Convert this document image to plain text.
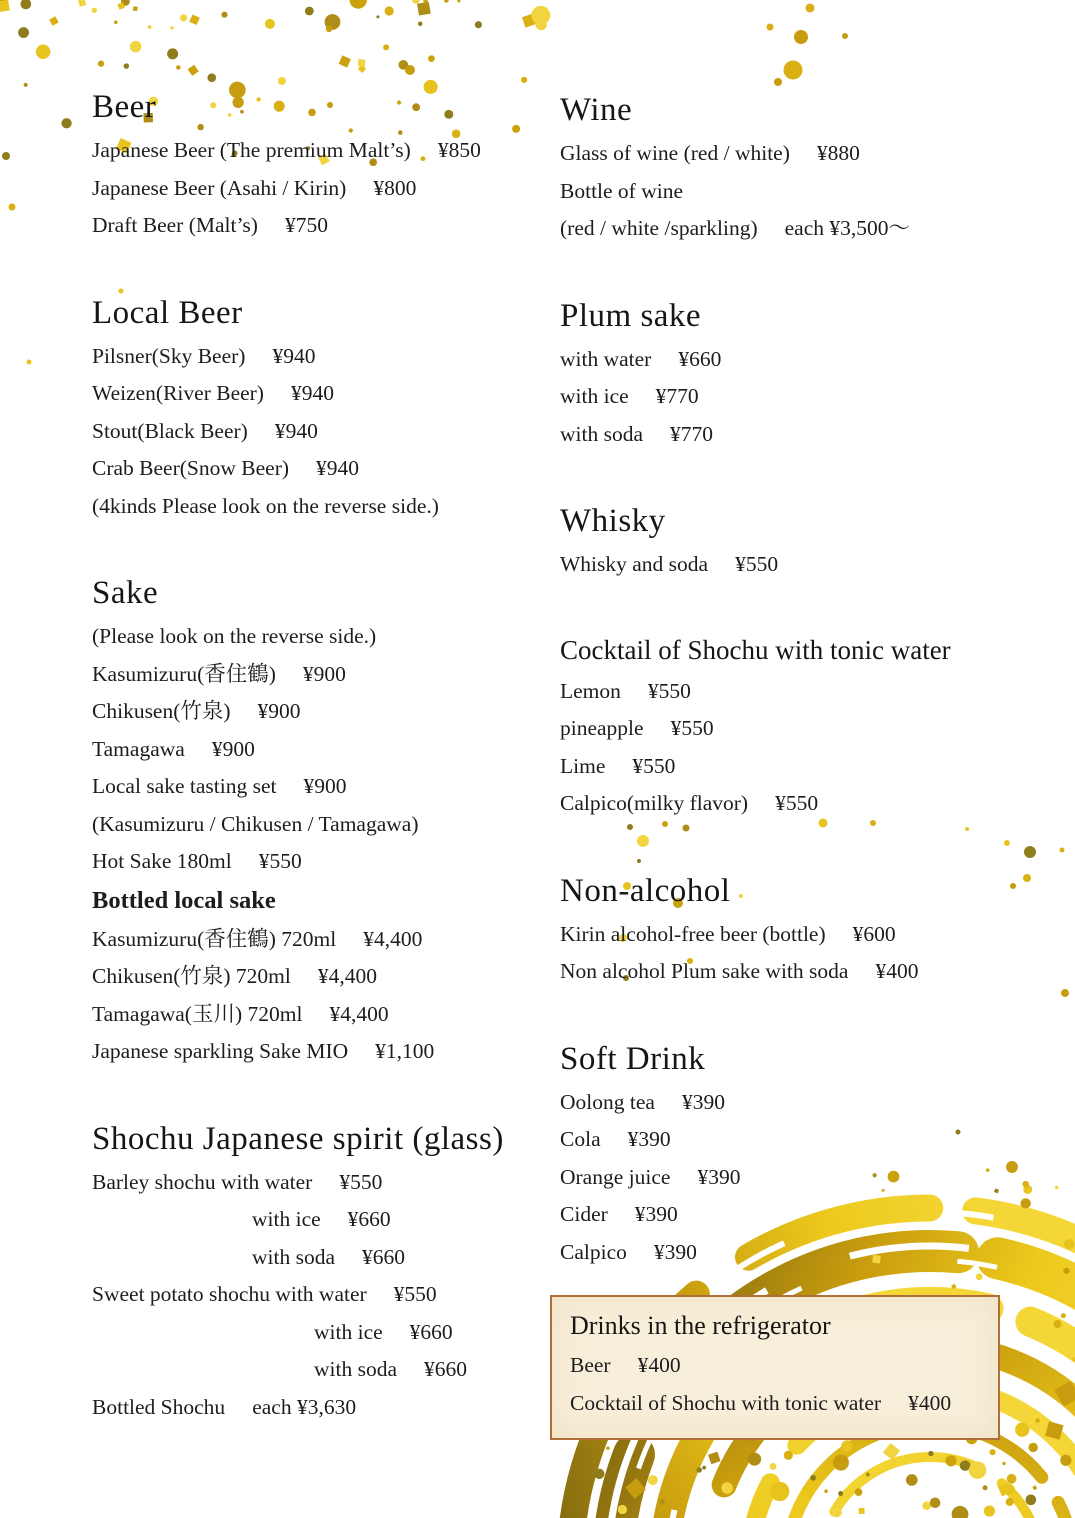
Beer
Japanese Beer (The premium Malt’s) ¥850
Japanese Beer (Asahi / Kirin) ¥800
Draft Beer (Malt’s) ¥750
Local Beer
Pilsner(Sky Beer) ¥940
Weizen(River Beer) ¥940
Stout(Black Beer) ¥940
Crab Beer(Snow Beer) ¥940
(4kinds Please look on the reverse side.)
Sake
(Please look on the reverse side.)
Kasumizuru(香住鶴) ¥900
Chikusen(竹泉) ¥900
Tamagawa ¥900
Local sake tasting set ¥900
(Kasumizuru / Chikusen / Tamagawa)
Hot Sake 180ml ¥550
Bottled local sake
Kasumizuru(香住鶴) 720ml ¥4,400
Chikusen(竹泉) 720ml ¥4,400
Tamagawa(玉川) 720ml ¥4,400
Japanese sparkling Sake MIO ¥1,100
Shochu Japanese spirit (glass)
Barley shochu with water ¥550
with ice ¥660
with soda ¥660
Sweet potato shochu with water ¥550
with ice ¥660
with soda ¥660
Bottled Shochu each ¥3,630
Wine
Glass of wine (red / white) ¥880
Bottle of wine
(red / white /sparkling) each ¥3,500～
Plum sake
with water ¥660
with ice ¥770
with soda ¥770
Whisky
Whisky and soda ¥550
Cocktail of Shochu with tonic water
Lemon ¥550
pineapple ¥550
Lime ¥550
Calpico(milky flavor) ¥550
Non-alcohol
Kirin alcohol-free beer (bottle) ¥600
Non alcohol Plum sake with soda ¥400
Soft Drink
Oolong tea ¥390
Cola ¥390
Orange juice ¥390
Cider ¥390
Calpico ¥390
Drinks in the refrigerator
Beer ¥400
Cocktail of Shochu with tonic water ¥400
